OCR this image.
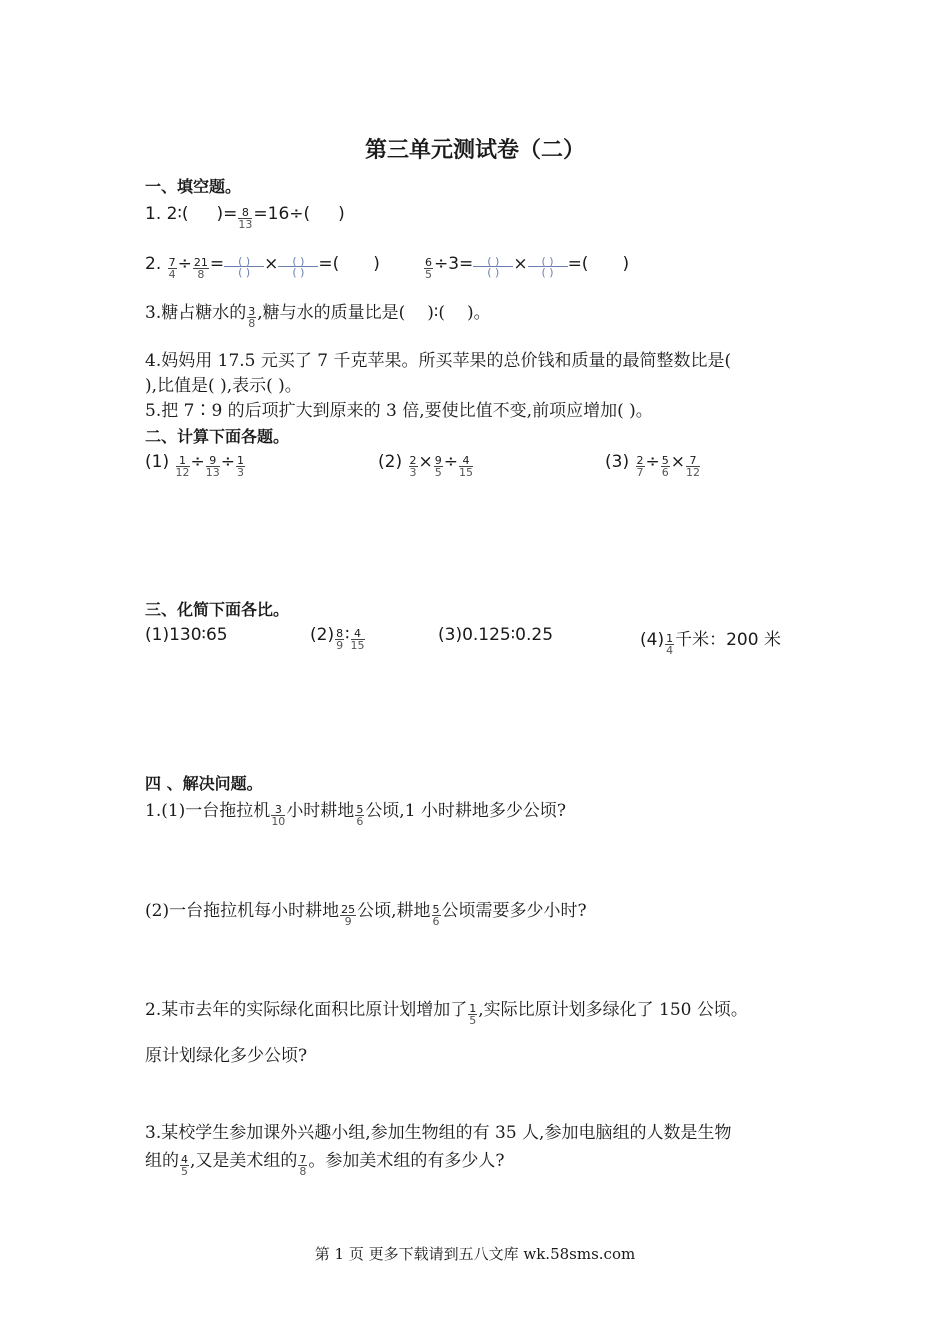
第三单元测试卷（二）
一、填空题。
1. 2∶( )= $\frac{8}{13} =16\div$( )
2. $\frac{7}{4} \div \frac{21}{8}$ =	( )
( ) ×	( )
( ) =( )	$\frac{6}{5} \div 3=$	( )
( ) ×	( )
( ) =( )
3.糖占糖水的 $\frac{3}{8}$ ,糖与水的质量比是( )∶( )。
4.妈妈用 17.5 元买了 7 千克苹果。所买苹果的总价钱和质量的最简整数比是(
),比值是( ),表示( )。
5.把 7∶9 的后项扩大到原来的 3 倍,要使比值不变,前项应增加( )。
二、计算下面各题。
$(1) \frac{1}{12} \div \frac{9}{13} \div \frac{1}{3}$	$(2) \frac{2}{3} \times \frac{9}{5} \div \frac{4}{15}$	$(3) \frac{2}{7} \div \frac{5}{6} \times \frac{7}{12}$
三、化简下面各比。
(1)130∶65	$(2) \frac{8}{9}$ ∶ $\frac{4}{15}$	(3)0.125∶0.25	$(4) \frac{1}{4}$ 千米：200 米
四 、解决问题。
1.(1)一台拖拉机 $\frac{3}{10}$ 小时耕地 $\frac{5}{6}$ 公顷,1 小时耕地多少公顷?
(2)一台拖拉机每小时耕地 $\frac{25}{9}$ 公顷,耕地 $\frac{5}{6}$ 公顷需要多少小时?
2.某市去年的实际绿化面积比原计划增加了 $\frac{1}{5}$ ,实际比原计划多绿化了 150 公顷。
原计划绿化多少公顷?
3.某校学生参加课外兴趣小组,参加生物组的有 35 人,参加电脑组的人数是生物
组的 $\frac{4}{5}$ ,又是美术组的 $\frac{7}{8}$ 。参加美术组的有多少人?
第 1 页 更多下载请到五八文库 wk.58sms.com
